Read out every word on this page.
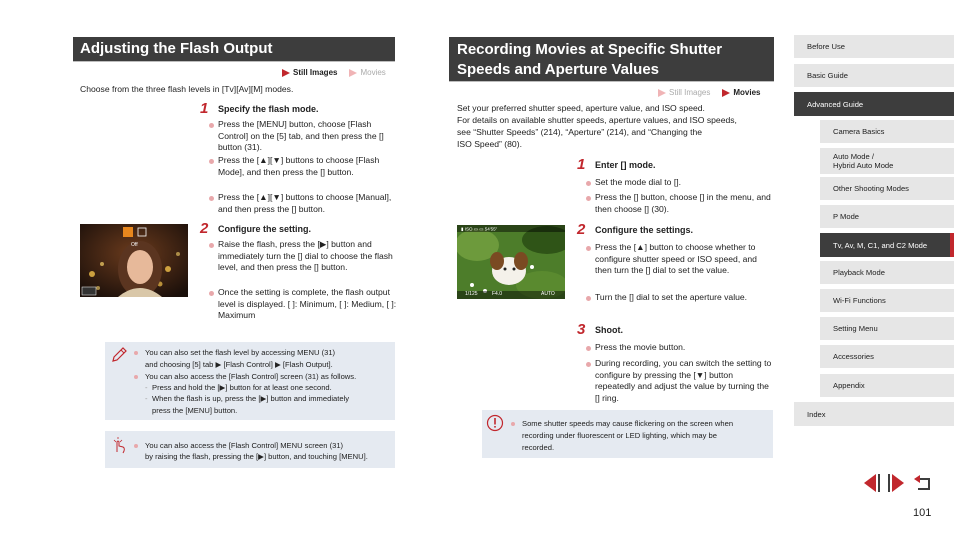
Adjusting the Flash Output
Still Images	Movies
Choose from the three flash levels in [Tv][Av][M] modes.
1 Specify the flash mode.
Press the [MENU] button, choose [Flash Control] on the [5] tab, and then press the [] button (31).
Press the [▲][▼] buttons to choose [Flash Mode], and then press the [] button.
Press the [▲][▼] buttons to choose [Manual], and then press the [] button.
Off
2 Configure the setting.
Raise the flash, press the [▶] button and immediately turn the [] dial to choose the flash level, and then press the [] button.
Once the setting is complete, the flash output level is displayed. [ ]: Minimum, [ ]: Medium, [ ]: Maximum
You can also set the flash level by accessing MENU (31)
and choosing [5] tab ▶ [Flash Control] ▶ [Flash Output].
You can also access the [Flash Control] screen (31) as follows.
- Press and hold the [▶] button for at least one second.
- When the flash is up, press the [▶] button and immediately
press the [MENU] button.
You can also access the [Flash Control] MENU screen (31)
by raising the flash, pressing the [▶] button, and touching [MENU].
Recording Movies at Specific Shutter
Speeds and Aperture Values
Still Images	Movies
Set your preferred shutter speed, aperture value, and ISO speed.
For details on available shutter speeds, aperture values, and ISO speeds,
see “Shutter Speeds” (214), “Aperture” (214), and “Changing the
ISO Speed” (80).
1 Enter [] mode.
Set the mode dial to [].
Press the [] button, choose [] in the menu, and then choose [] (30).
▮ ISO ▭ ▭ 54'55"
1/125	F4.0	AUTO
2 Configure the settings.
Press the [▲] button to choose whether to configure shutter speed or ISO speed, and then turn the [] dial to set the value.
Turn the [] dial to set the aperture value.
3 Shoot.
Press the movie button.
During recording, you can switch the setting to configure by pressing the [▼] button repeatedly and adjust the value by turning the [] ring.
Some shutter speeds may cause flickering on the screen when
recording under fluorescent or LED lighting, which may be
recorded.
Before Use
Basic Guide
Advanced Guide
Camera Basics
Auto Mode /
Hybrid Auto Mode
Other Shooting Modes
P Mode
Tv, Av, M, C1, and C2 Mode
Playback Mode
Wi-Fi Functions
Setting Menu
Accessories
Appendix
Index
101
